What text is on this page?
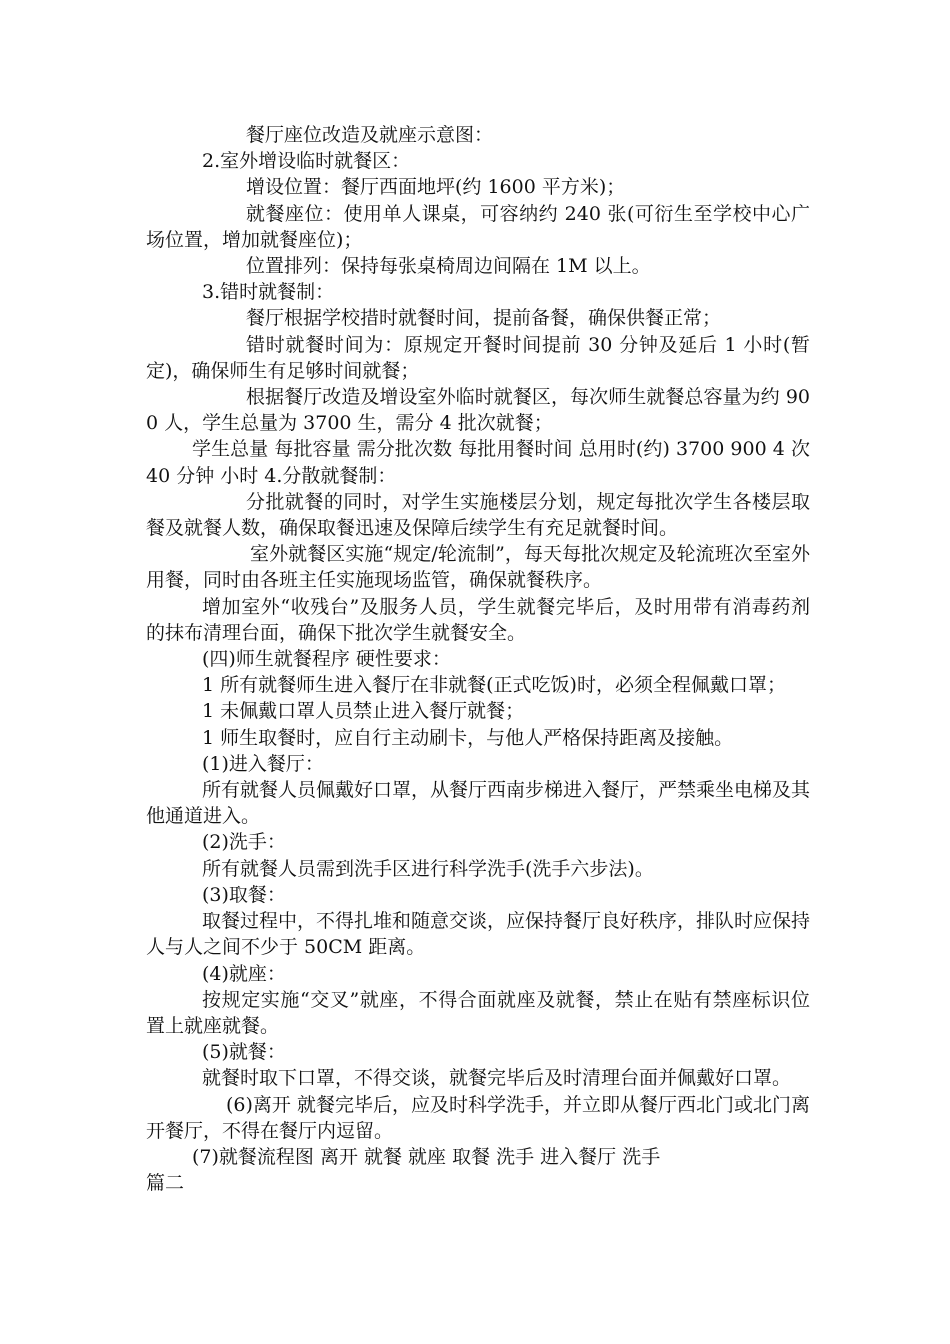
餐厅座位改造及就座示意图：

2.室外增设临时就餐区：

增设位置：餐厅西面地坪(约 1600 平方米)；

就餐座位：使用单人课桌，可容纳约 240 张(可衍生至学校中心广场位置，增加就餐座位)；

位置排列：保持每张桌椅周边间隔在 1M 以上。

3.错时就餐制：

餐厅根据学校措时就餐时间，提前备餐，确保供餐正常；

错时就餐时间为：原规定开餐时间提前 30 分钟及延后 1 小时(暂定)，确保师生有足够时间就餐；

根据餐厅改造及增设室外临时就餐区，每次师生就餐总容量为约 900 人，学生总量为 3700 生，需分 4 批次就餐；

学生总量 每批容量 需分批次数 每批用餐时间 总用时(约) 3700 900 4 次 40 分钟 小时 4.分散就餐制：

分批就餐的同时，对学生实施楼层分划，规定每批次学生各楼层取餐及就餐人数，确保取餐迅速及保障后续学生有充足就餐时间。

室外就餐区实施“规定/轮流制”，每天每批次规定及轮流班次至室外用餐，同时由各班主任实施现场监管，确保就餐秩序。

增加室外“收残台”及服务人员，学生就餐完毕后，及时用带有消毒药剂的抹布清理台面，确保下批次学生就餐安全。

(四)师生就餐程序 硬性要求：

1 所有就餐师生进入餐厅在非就餐(正式吃饭)时，必须全程佩戴口罩；

1 未佩戴口罩人员禁止进入餐厅就餐；

1 师生取餐时，应自行主动刷卡，与他人严格保持距离及接触。

(1)进入餐厅：

所有就餐人员佩戴好口罩，从餐厅西南步梯进入餐厅，严禁乘坐电梯及其他通道进入。

(2)洗手：

所有就餐人员需到洗手区进行科学洗手(洗手六步法)。

(3)取餐：

取餐过程中，不得扎堆和随意交谈，应保持餐厅良好秩序，排队时应保持人与人之间不少于 50CM 距离。

(4)就座：

按规定实施“交叉”就座，不得合面就座及就餐，禁止在贴有禁座标识位置上就座就餐。

(5)就餐：

就餐时取下口罩，不得交谈，就餐完毕后及时清理台面并佩戴好口罩。

(6)离开 就餐完毕后，应及时科学洗手，并立即从餐厅西北门或北门离开餐厅，不得在餐厅内逗留。

(7)就餐流程图 离开 就餐 就座 取餐 洗手 进入餐厅 洗手

篇二
